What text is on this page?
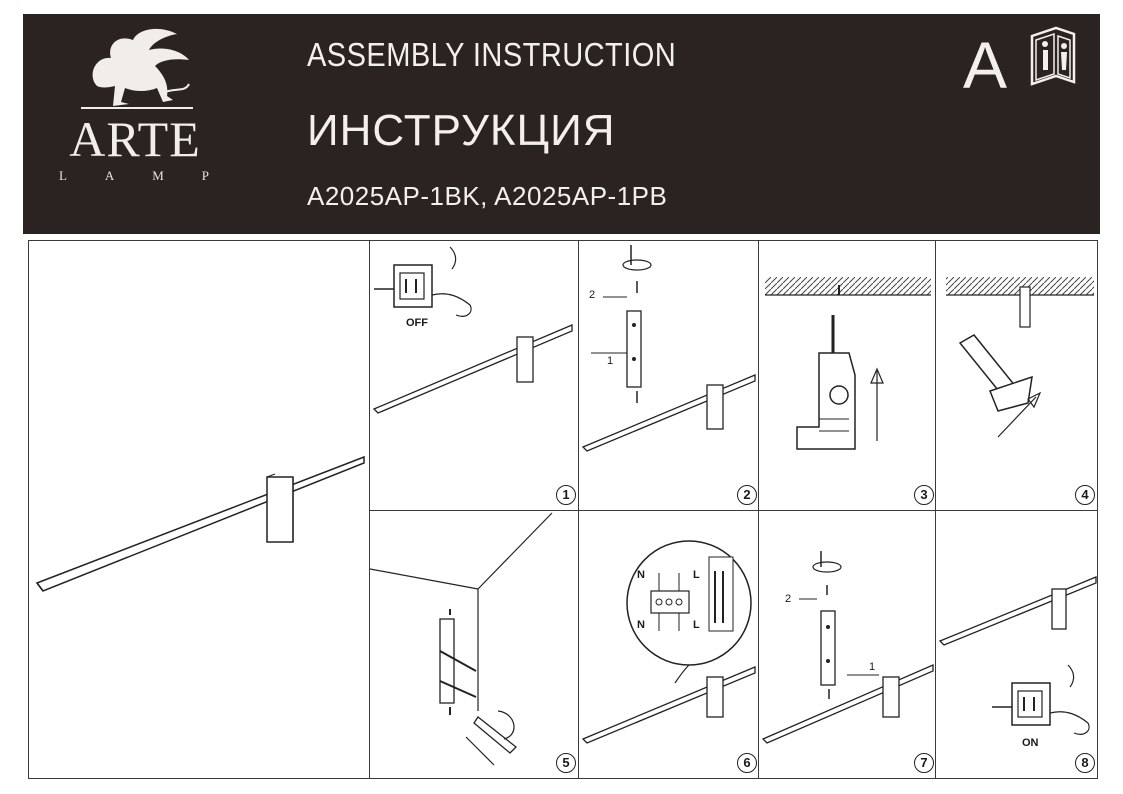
ARTE
L	A	M	P
ASSEMBLY INSTRUCTION
ИНСТРУКЦИЯ
A2025AP-1BK, A2025AP-1PB
A
OFF
1
2
1
2	3	4
5
N	L
N	L
6
2
1
7
ON
8
